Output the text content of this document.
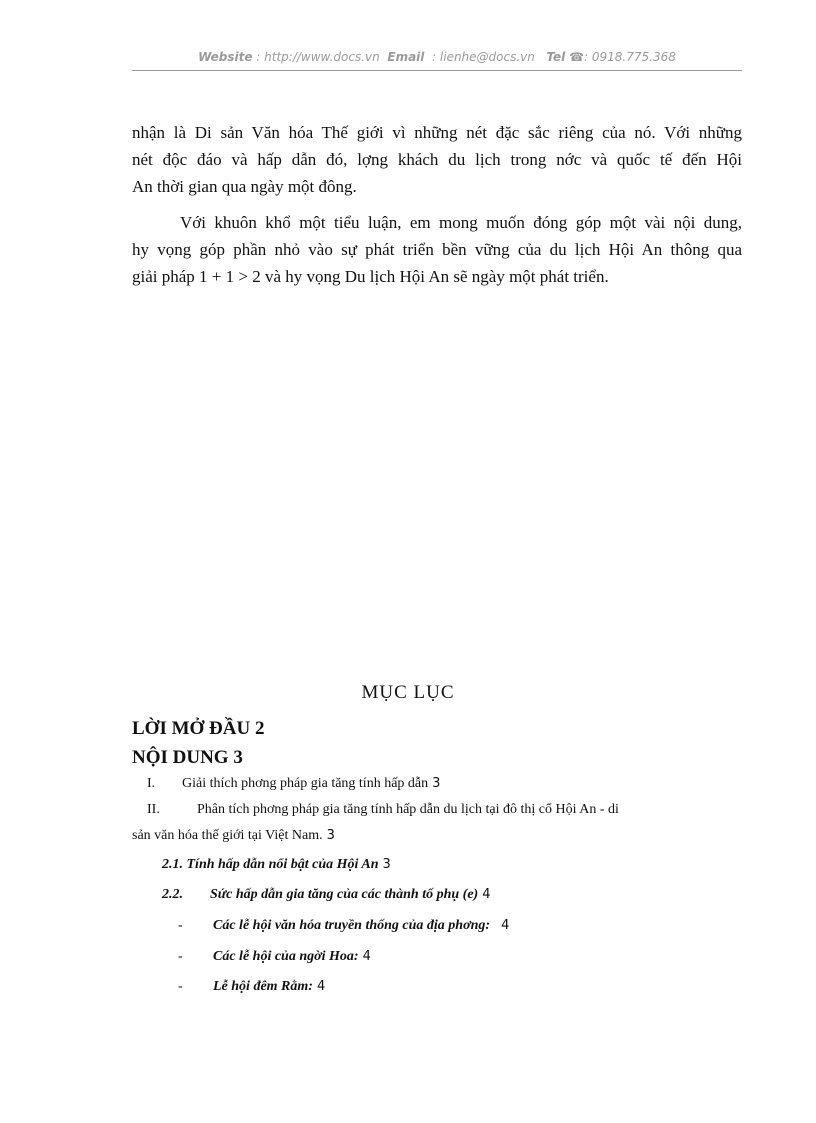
Website : http://www.docs.vn Email : lienhe@docs.vn Tel ☎: 0918.775.368
nhận là Di sản Văn hóa Thế giới vì những nét đặc sắc riêng của nó. Với những
nét độc đáo và hấp dẫn đó, lợng khách du lịch trong nớc và quốc tế đến Hội
An thời gian qua ngày một đông.
Với khuôn khổ một tiểu luận, em mong muốn đóng góp một vài nội dung,
hy vọng góp phần nhỏ vào sự phát triển bền vững của du lịch Hội An thông qua
giải pháp 1 + 1 > 2 và hy vọng Du lịch Hội An sẽ ngày một phát triển.
MỤC LỤC
LỜI MỞ ĐẦU 2
NỘI DUNG 3
I. Giải thích phơng pháp gia tăng tính hấp dẫn 3
II.	Phân tích phơng pháp gia tăng tính hấp dẫn du lịch tại đô thị cổ Hội An - di
sản văn hóa thế giới tại Việt Nam. 3
2.1. Tính hấp dẫn nổi bật của Hội An 3
2.2. Sức hấp dẫn gia tăng của các thành tố phụ (e) 4
- Các lễ hội văn hóa truyền thống của địa phơng: 4
- Các lễ hội của ngời Hoa: 4
- Lễ hội đêm Rằm: 4
